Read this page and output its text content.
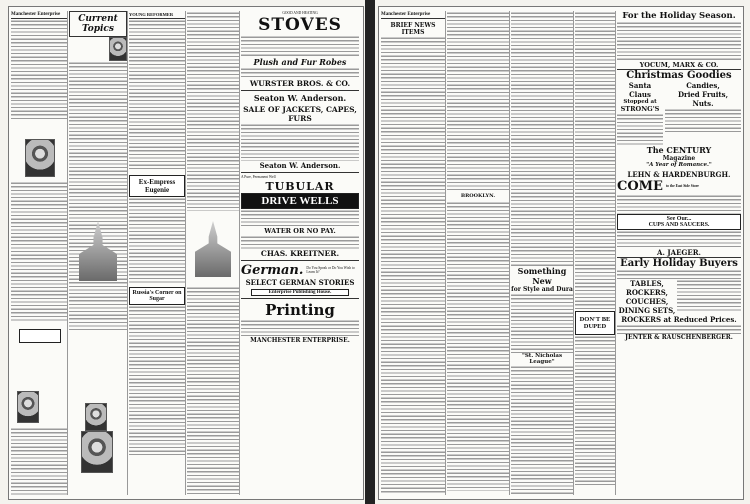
Manchester Enterprise	Current Topics
YOUNG REFORMER
Ex-Empress Eugenie
Russia's Corner on Sugar
GOOD AND HEATING
STOVES
Plush and Fur Robes
WURSTER BROS. & CO.
Seaton W. Anderson.
SALE OF JACKETS, CAPES, FURS
Seaton W. Anderson.
A Pure, Permanent Well
TUBULAR
DRIVE WELLS
WATER OR NO PAY.
CHAS. KREITNER.
German. Do You Speak or Do You Wish to Learn It?
SELECT GERMAN STORIES
Enterprise Publishing House.
Printing
MANCHESTER ENTERPRISE.
Manchester Enterprise
BRIEF NEWS ITEMS
BROOKLYN.
Something New
for Style and Dura
"St. Nicholas League"
DON'T BE DUPED
For the Holiday Season.
YOCUM, MARX & CO.
Christmas Goodies
Santa Claus
Stopped at
STRONG'S
Candies,
Dried Fruits,
Nuts.
The CENTURY
Magazine
"A Year of Romance."
LEHN & HARDENBURGH.
COME to the East Side Store
See Our...
CUPS AND SAUCERS.
A. JAEGER.
Early Holiday Buyers
TABLES,
ROCKERS,
COUCHES,
DINING SETS,
ROCKERS at Reduced Prices.
JENTER & RAUSCHENBERGER.
